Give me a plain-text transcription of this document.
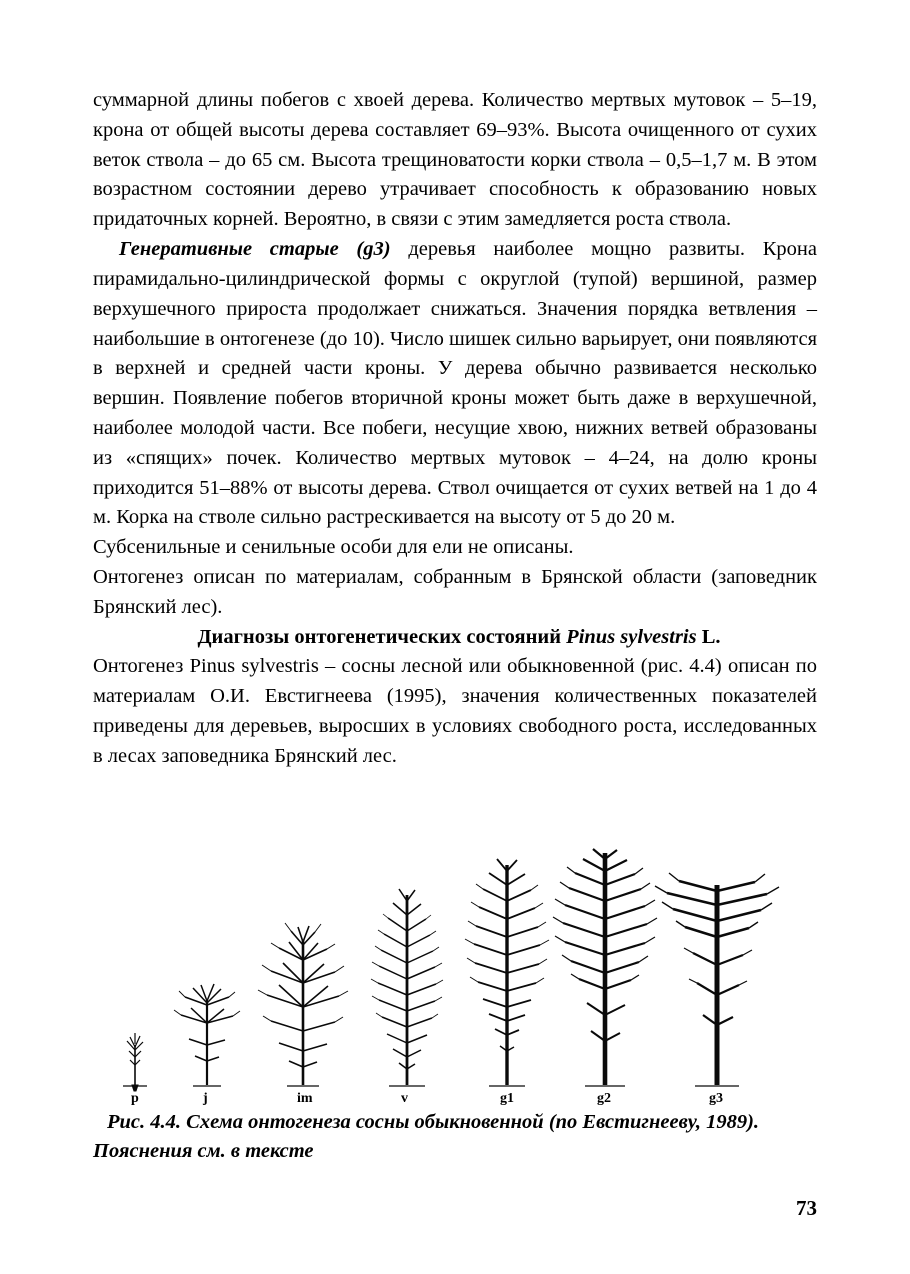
суммарной длины побегов с хвоей дерева. Количество мертвых мутовок – 5–19, крона от общей высоты дерева составляет 69–93%. Высота очищенного от сухих веток ствола – до 65 см. Высота трещиноватости корки ствола – 0,5–1,7 м. В этом возрастном состоянии дерево утрачивает способность к образованию новых придаточных корней. Вероятно, в связи с этим замедляется роста ствола.

Генеративные старые (g3) деревья наиболее мощно развиты. Крона пирамидально-цилиндрической формы с округлой (тупой) вершиной, размер верхушечного прироста продолжает снижаться. Значения порядка ветвления – наибольшие в онтогенезе (до 10). Число шишек сильно варьирует, они появляются в верхней и средней части кроны. У дерева обычно развивается несколько вершин. Появление побегов вторичной кроны может быть даже в верхушечной, наиболее молодой части. Все побеги, несущие хвою, нижних ветвей образованы из «спящих» почек. Количество мертвых мутовок – 4–24, на долю кроны приходится 51–88% от высоты дерева. Ствол очищается от сухих ветвей на 1 до 4 м. Корка на стволе сильно растрескивается на высоту от 5 до 20 м.

Субсенильные и сенильные особи для ели не описаны.

Онтогенез описан по материалам, собранным в Брянской области (заповедник Брянский лес).

Диагнозы онтогенетических состояний Pinus sylvestris L.

Онтогенез Pinus sylvestris – сосны лесной или обыкновенной (рис. 4.4) описан по материалам О.И. Евстигнеева (1995), значения количественных показателей приведены для деревьев, выросших в условиях свободного роста, исследованных в лесах заповедника Брянский лес.

p	j	im	v	g1	g2	g3
Рис. 4.4. Схема онтогенеза сосны обыкновенной (по Евстигнееву, 1989). Пояснения см. в тексте
73
